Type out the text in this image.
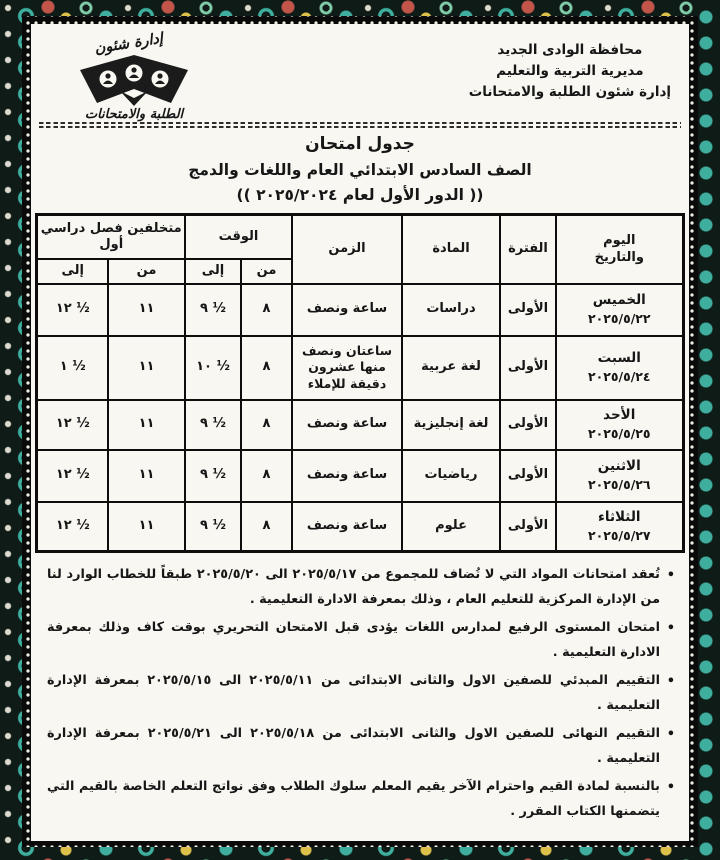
محافظة الوادى الجديد
مديرية التربية والتعليم
إدارة شئون الطلبة والامتحانات
إدارة شئون
الطلبة والامتحانات
جدول امتحان
الصف السادس الابتدائي العام واللغات والدمج
(( الدور الأول لعام ٢٠٢٥/٢٠٢٤ ))
اليوم والتاريخ	الفترة	المادة	الزمن	الوقت		متخلفين فصل دراسي أول	
				من	إلى	من	إلى

الخميس
٢٠٢٥/٥/٢٢	الأولى	دراسات	ساعة ونصف	٨	٩ ½	١١	١٢ ½

السبت
٢٠٢٥/٥/٢٤	الأولى	لغة عربية	ساعتان ونصف منها عشرون دقيقة للإملاء	٨	١٠ ½	١١	١ ½

الأحد
٢٠٢٥/٥/٢٥	الأولى	لغة إنجليزية	ساعة ونصف	٨	٩ ½	١١	١٢ ½

الاثنين
٢٠٢٥/٥/٢٦	الأولى	رياضيات	ساعة ونصف	٨	٩ ½	١١	١٢ ½

الثلاثاء
٢٠٢٥/٥/٢٧	الأولى	علوم	ساعة ونصف	٨	٩ ½	١١	١٢ ½
•
تُعقد امتحانات المواد التي لا تُضاف للمجموع من ٢٠٢٥/٥/١٧ الى ٢٠٢٥/٥/٢٠ طبقاً للخطاب الوارد لنا من الإدارة المركزية للتعليم العام ، وذلك بمعرفة الادارة التعليمية .
•
امتحان المستوى الرفيع لمدارس اللغات يؤدى قبل الامتحان التحريري بوقت كاف وذلك بمعرفة الادارة التعليمية .
•
التقييم المبدئي للصفين الاول والثانى الابتدائى من ٢٠٢٥/٥/١١ الى ٢٠٢٥/٥/١٥ بمعرفة الإدارة التعليمية .
•
التقييم النهائى للصفين الاول والثانى الابتدائى من ٢٠٢٥/٥/١٨ الى ٢٠٢٥/٥/٢١ بمعرفة الإدارة التعليمية .
•
بالنسبة لمادة القيم واحترام الآخر يقيم المعلم سلوك الطلاب وفق نواتج التعلم الخاصة بالقيم التي يتضمنها الكتاب المقرر .
